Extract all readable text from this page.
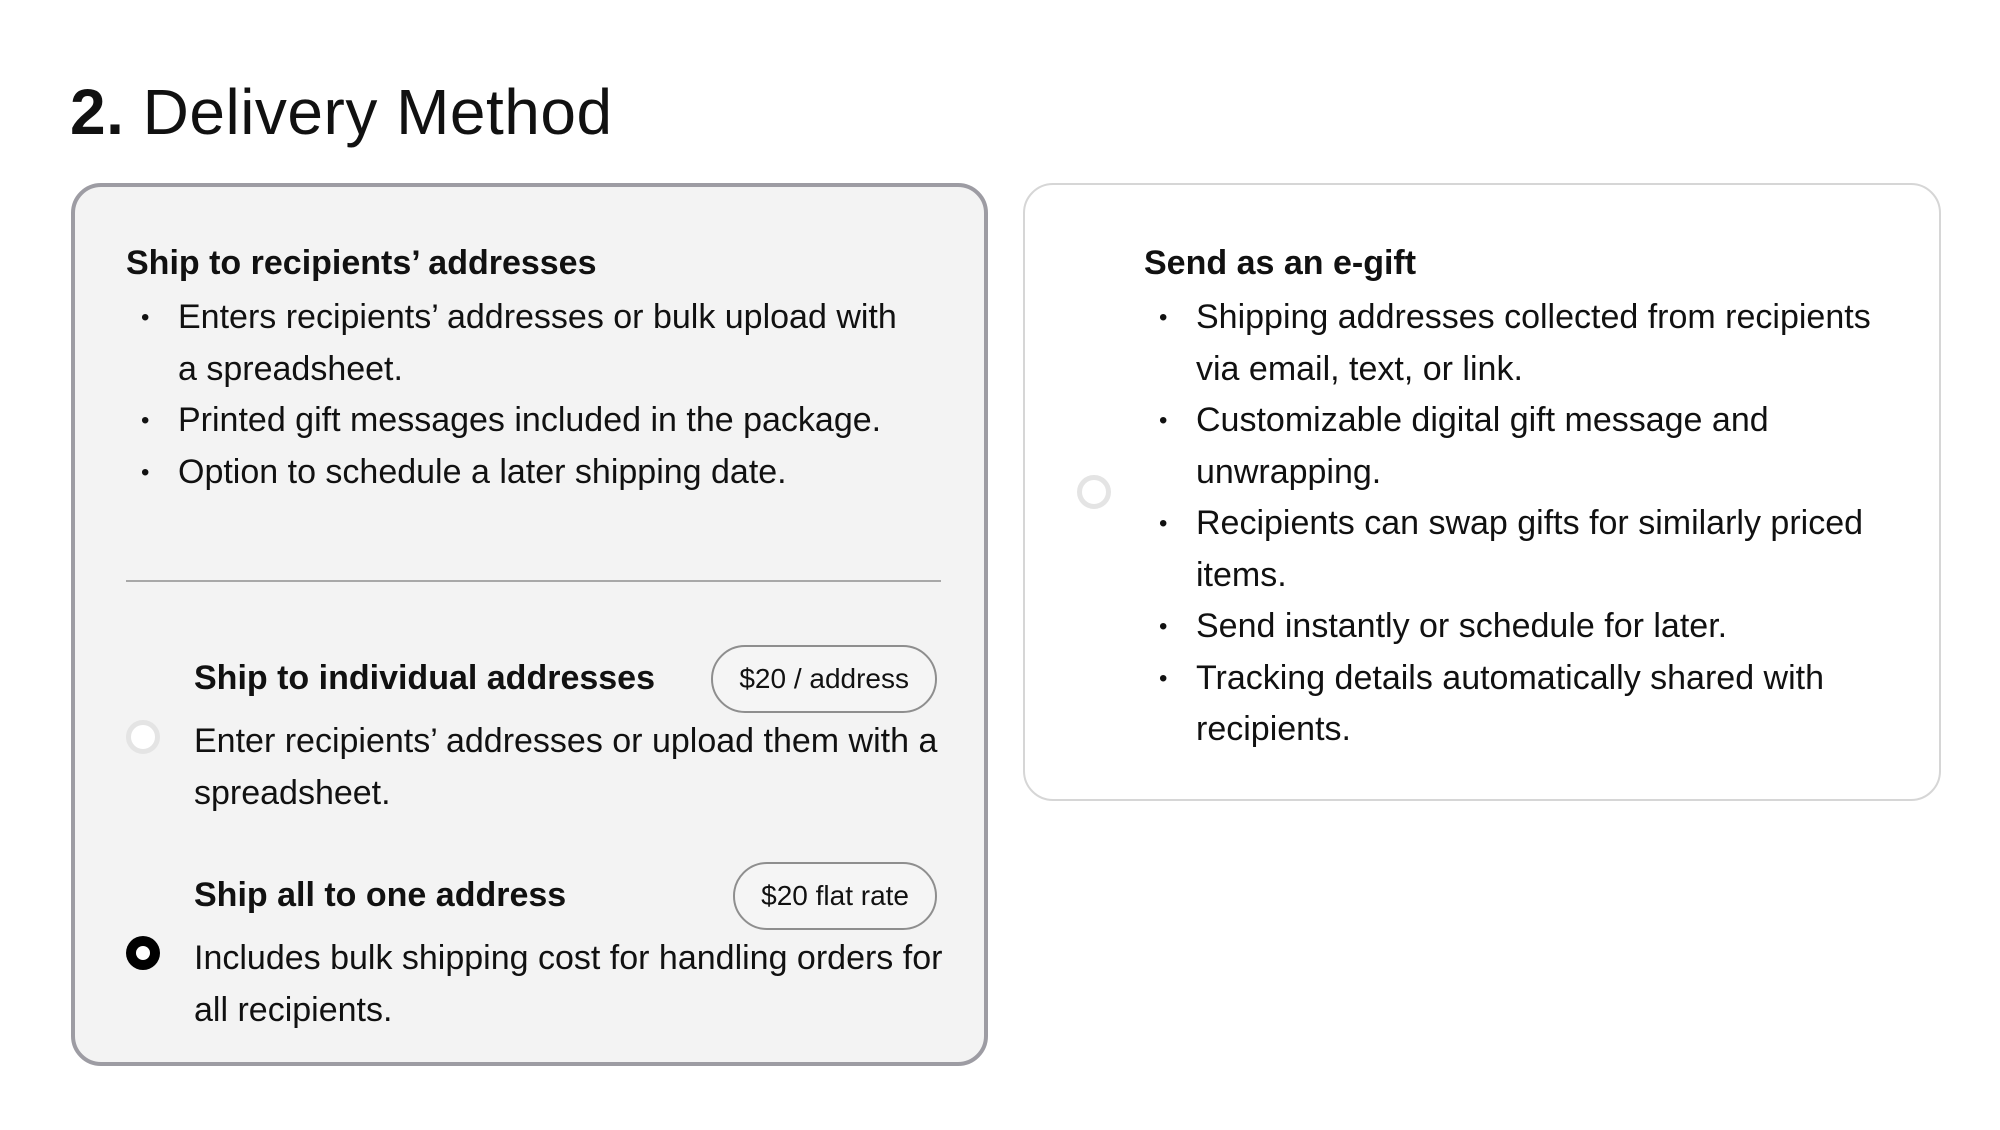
2. Delivery Method
Ship to recipients’ addresses
• Enters recipients’ addresses or bulk upload with a spreadsheet.
• Printed gift messages included in the package.
• Option to schedule a later shipping date.
Ship to individual addresses	$20 / address

Enter recipients’ addresses or upload them with a spreadsheet.

Ship all to one address	$20 flat rate

Includes bulk shipping cost for handling orders for all recipients.

Send as an e-gift
• Shipping addresses collected from recipients via email, text, or link.
• Customizable digital gift message and unwrapping.
• Recipients can swap gifts for similarly priced items.
• Send instantly or schedule for later.
• Tracking details automatically shared with recipients.
